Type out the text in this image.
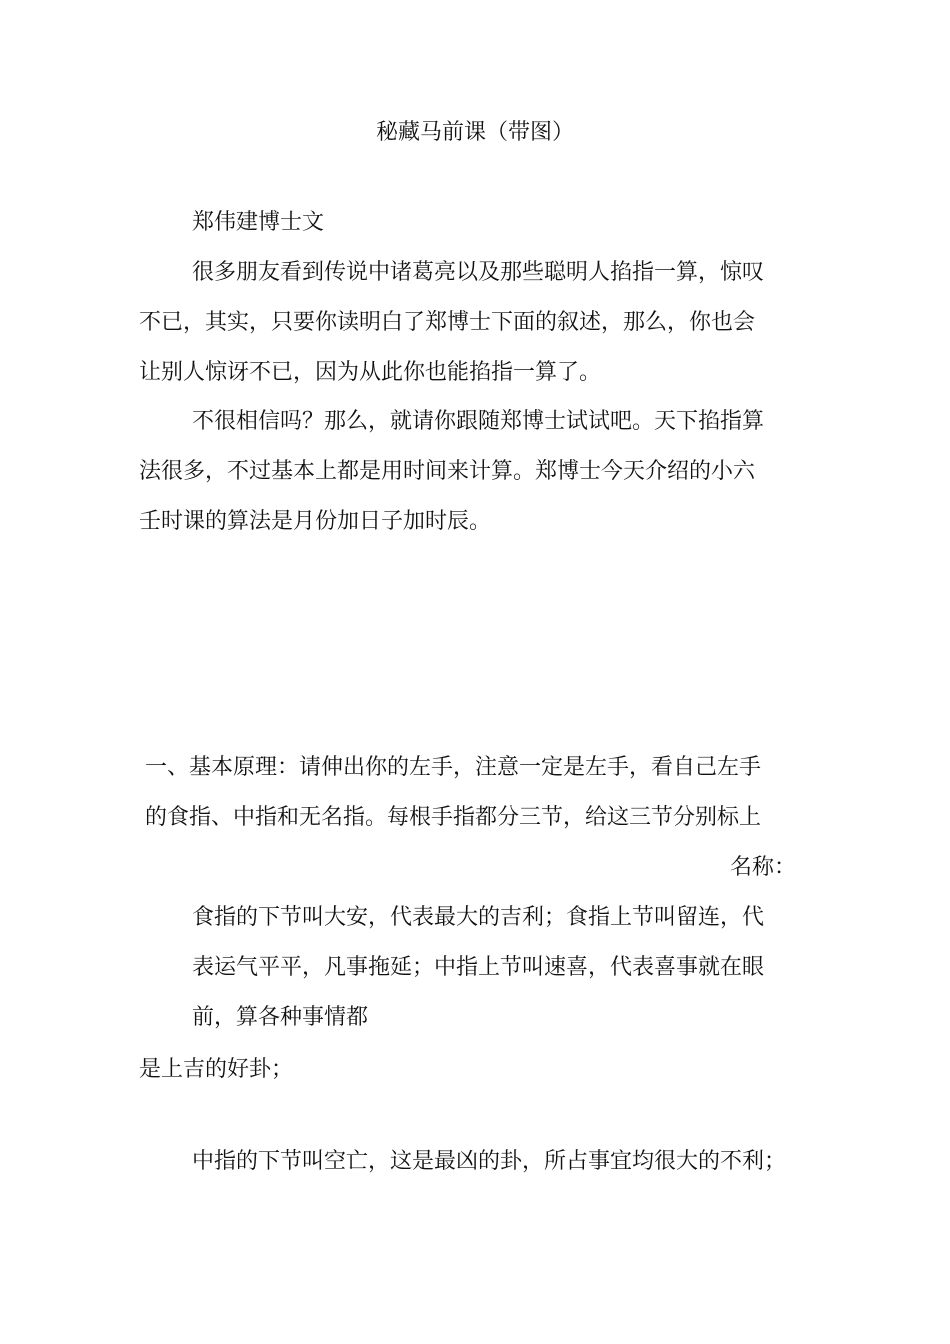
秘藏马前课（带图）
郑伟建博士文
很多朋友看到传说中诸葛亮以及那些聪明人掐指一算，惊叹
不已，其实，只要你读明白了郑博士下面的叙述，那么，你也会
让别人惊讶不已，因为从此你也能掐指一算了。
不很相信吗？那么，就请你跟随郑博士试试吧。天下掐指算
法很多，不过基本上都是用时间来计算。郑博士今天介绍的小六
壬时课的算法是月份加日子加时辰。
一、基本原理：请伸出你的左手，注意一定是左手，看自己左手
的食指、中指和无名指。每根手指都分三节，给这三节分别标上
名称：
食指的下节叫大安，代表最大的吉利；食指上节叫留连，代
表运气平平，凡事拖延；中指上节叫速喜，代表喜事就在眼
前，算各种事情都
是上吉的好卦；
中指的下节叫空亡，这是最凶的卦，所占事宜均很大的不利；
